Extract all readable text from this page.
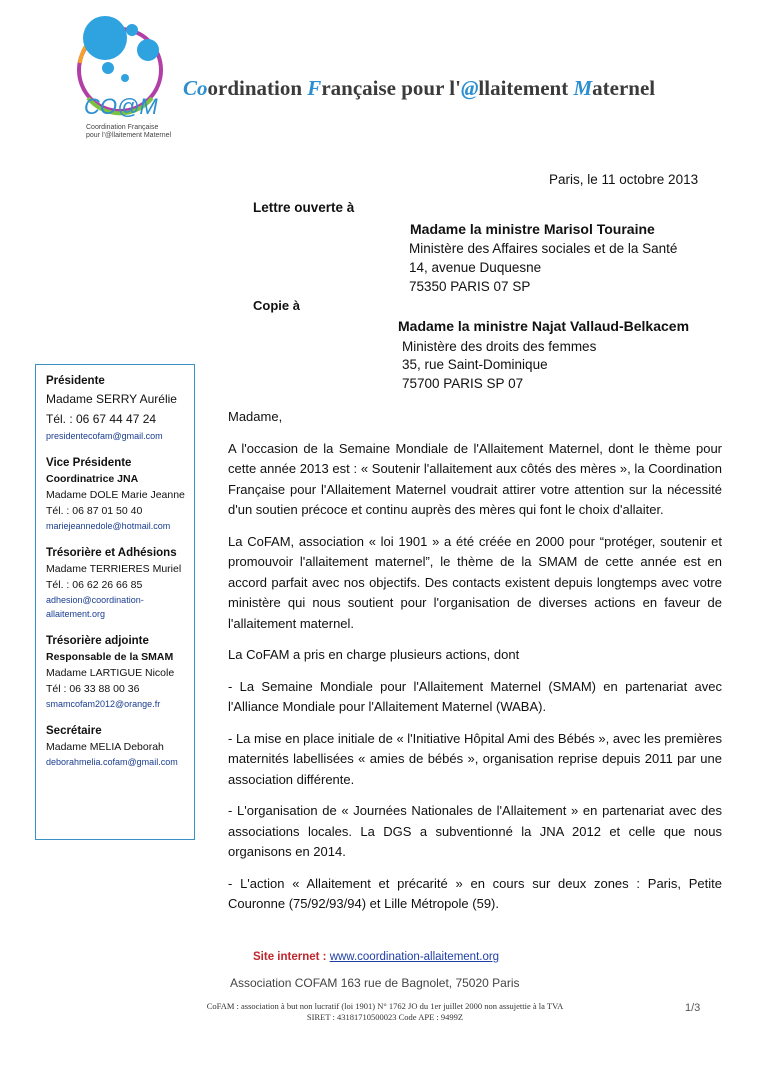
CO@M
Coordination Française
pour l'@llaitement Maternel
Coordination Française pour l'@llaitement Maternel
Paris, le 11 octobre 2013
Lettre ouverte à
Madame la ministre Marisol Touraine
Ministère des Affaires sociales et de la Santé
14, avenue Duquesne
75350 PARIS 07 SP
Copie à
Madame la ministre Najat Vallaud-Belkacem
Ministère des droits des femmes
35, rue Saint-Dominique
75700 PARIS SP 07
Présidente
Madame SERRY Aurélie
Tél. : 06 67 44 47 24
presidentecofam@gmail.com
Vice Présidente
Coordinatrice JNA
Madame DOLE Marie Jeanne
Tél. : 06 87 01 50 40
mariejeannedole@hotmail.com
Trésorière et Adhésions
Madame TERRIERES Muriel
Tél. : 06 62 26 66 85
adhesion@coordination-
allaitement.org
Trésorière adjointe
Responsable de la SMAM
Madame LARTIGUE Nicole
Tél : 06 33 88 00 36
smamcofam2012@orange.fr
Secrétaire
Madame MELIA Deborah
deborahmelia.cofam@gmail.com

Madame,

A l'occasion de la Semaine Mondiale de l'Allaitement Maternel, dont le thème pour cette année 2013 est : « Soutenir l'allaitement aux côtés des mères », la Coordination Française pour l'Allaitement Maternel voudrait attirer votre attention sur la nécessité d'un soutien précoce et continu auprès des mères qui font le choix d'allaiter.

La CoFAM, association « loi 1901 » a été créée en 2000 pour “protéger, soutenir et promouvoir l'allaitement maternel”, le thème de la SMAM de cette année est en accord parfait avec nos objectifs. Des contacts existent depuis longtemps avec votre ministère qui nous soutient pour l'organisation de diverses actions en faveur de l'allaitement maternel.

La CoFAM a pris en charge plusieurs actions, dont

- La Semaine Mondiale pour l'Allaitement Maternel (SMAM) en partenariat avec l'Alliance Mondiale pour l'Allaitement Maternel (WABA).

- La mise en place initiale de « l'Initiative Hôpital Ami des Bébés », avec les premières maternités labellisées « amies de bébés », organisation reprise depuis 2011 par une association différente.

- L'organisation de « Journées Nationales de l'Allaitement » en partenariat avec des associations locales. La DGS a subventionné la JNA 2012 et celle que nous organisons en 2014.

- L'action « Allaitement et précarité » en cours sur deux zones : Paris, Petite Couronne (75/92/93/94) et Lille Métropole (59).

Site internet : www.coordination-allaitement.org
Association COFAM 163 rue de Bagnolet, 75020 Paris
CoFAM : association à but non lucratif (loi 1901) N° 1762 JO du 1er juillet 2000 non assujettie à la TVA
SIRET : 43181710500023 Code APE : 9499Z
1/3
